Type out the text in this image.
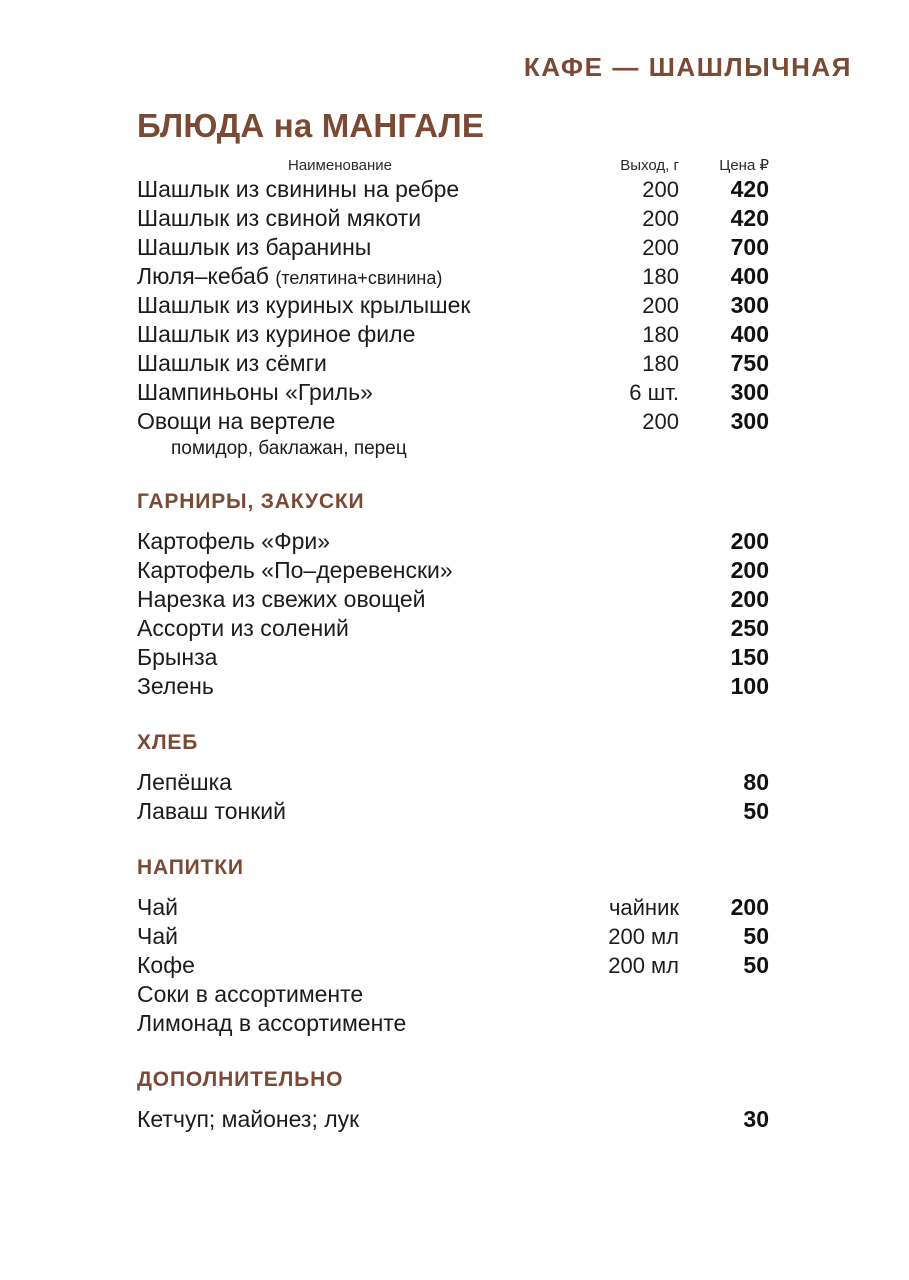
КАФЕ — ШАШЛЫЧНАЯ
БЛЮДА на МАНГАЛЕ
Наименование	Выход, г	Цена ₽
Шашлык из свинины на ребре	200	420
Шашлык из свиной мякоти	200	420
Шашлык из баранины	200	700
Люля–кебаб (телятина+свинина)	180	400
Шашлык из куриных крылышек	200	300
Шашлык из куриное филе	180	400
Шашлык из сёмги	180	750
Шампиньоны «Гриль»	6 шт.	300
Овощи на вертеле	200	300
помидор, баклажан, перец
ГАРНИРЫ, ЗАКУСКИ
Картофель «Фри»	200
Картофель «По–деревенски»	200
Нарезка из свежих овощей	200
Ассорти из солений	250
Брынза	150
Зелень	100
ХЛЕБ
Лепёшка	80
Лаваш тонкий	50
НАПИТКИ
Чай	чайник	200
Чай	200 мл	50
Кофе	200 мл	50
Соки в ассортименте
Лимонад в ассортименте
ДОПОЛНИТЕЛЬНО
Кетчуп; майонез; лук	30
